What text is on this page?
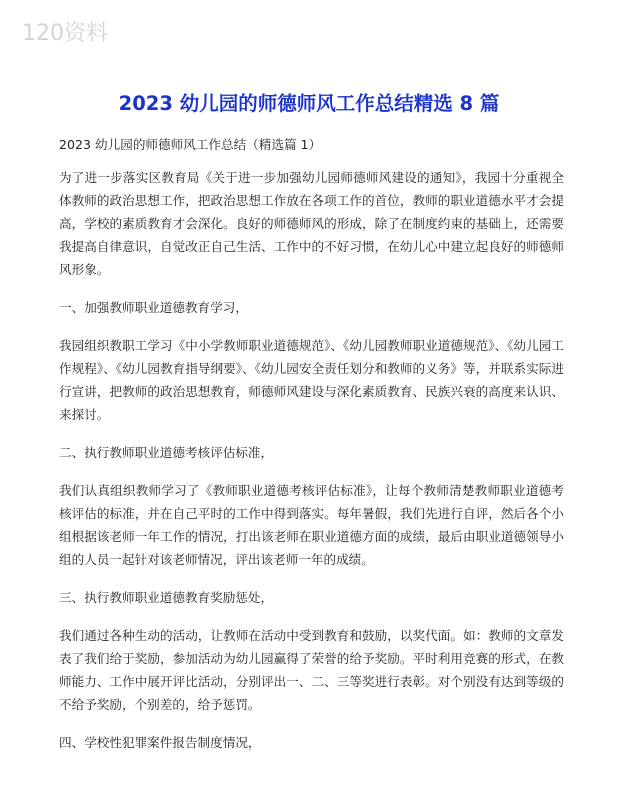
120资料
2023 幼儿园的师德师风工作总结精选 8 篇

2023 幼儿园的师德师风工作总结（精选篇 1）

为了进一步落实区教育局《关于进一步加强幼儿园师德师风建设的通知》，我园十分重视全体教师的政治思想工作，把政治思想工作放在各项工作的首位，教师的职业道德水平才会提高，学校的素质教育才会深化。良好的师德师风的形成，除了在制度约束的基础上，还需要我提高自律意识，自觉改正自己生活、工作中的不好习惯，在幼儿心中建立起良好的师德师风形象。

一、加强教师职业道德教育学习，

我园组织教职工学习《中小学教师职业道德规范》、《幼儿园教师职业道德规范》、《幼儿园工作规程》、《幼儿园教育指导纲要》、《幼儿园安全责任划分和教师的义务》等，并联系实际进行宣讲，把教师的政治思想教育，师德师风建设与深化素质教育、民族兴衰的高度来认识、来探讨。

二、执行教师职业道德考核评估标准，

我们认真组织教师学习了《教师职业道德考核评估标准》，让每个教师清楚教师职业道德考核评估的标准，并在自己平时的工作中得到落实。每年暑假，我们先进行自评，然后各个小组根据该老师一年工作的情况，打出该老师在职业道德方面的成绩，最后由职业道德领导小组的人员一起针对该老师情况，评出该老师一年的成绩。

三、执行教师职业道德教育奖励惩处，

我们通过各种生动的活动，让教师在活动中受到教育和鼓励，以奖代面。如：教师的文章发表了我们给于奖励，参加活动为幼儿园赢得了荣誉的给予奖励。平时利用竞赛的形式，在教师能力、工作中展开评比活动，分别评出一、二、三等奖进行表彰。对个别没有达到等级的不给予奖励，个别差的，给予惩罚。

四、学校性犯罪案件报告制度情况，
